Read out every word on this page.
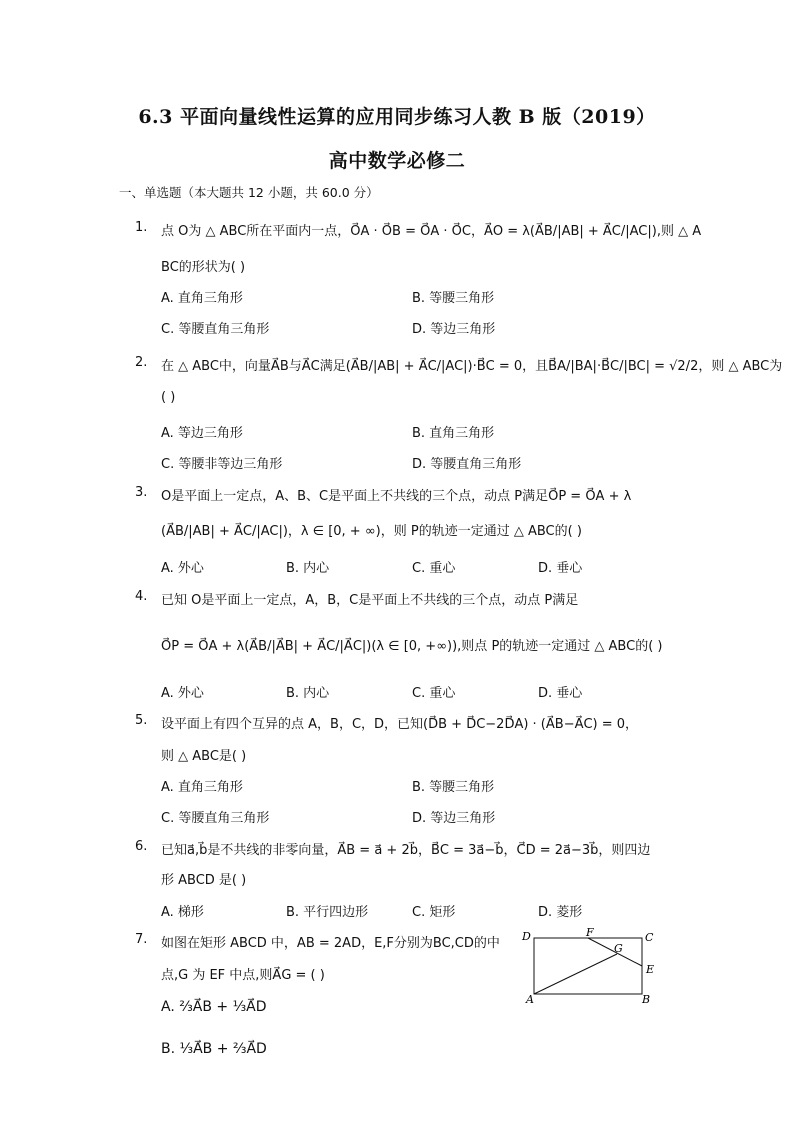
6.3 平面向量线性运算的应用同步练习人教 B 版（2019）
高中数学必修二
一、单选题（本大题共 12 小题，共 60.0 分）
1. 点 O为 △ ABC所在平面内一点，O⃗A · O⃗B = O⃗A · O⃗C，A⃗O = λ(A⃗B/|AB| + A⃗C/|AC|),则 △ A
BC的形状为( )
A. 直角三角形	B. 等腰三角形
C. 等腰直角三角形	D. 等边三角形
2. 在 △ ABC中，向量A⃗B与A⃗C满足(A⃗B/|AB| + A⃗C/|AC|)·B⃗C = 0，且B⃗A/|BA|·B⃗C/|BC| = √2/2，则 △ ABC为
( )
A. 等边三角形	B. 直角三角形
C. 等腰非等边三角形	D. 等腰直角三角形
3. O是平面上一定点，A、B、C是平面上不共线的三个点，动点 P满足O⃗P = O⃗A + λ
(A⃗B/|AB| + A⃗C/|AC|)，λ ∈ [0, + ∞)，则 P的轨迹一定通过 △ ABC的( )
A. 外心	B. 内心	C. 重心	D. 垂心
4. 已知 O是平面上一定点，A，B，C是平面上不共线的三个点，动点 P满足
O⃗P = O⃗A + λ(A⃗B/|A⃗B| + A⃗C/|A⃗C|)(λ ∈ [0, +∞)),则点 P的轨迹一定通过 △ ABC的( )
A. 外心	B. 内心	C. 重心	D. 垂心
5. 设平面上有四个互异的点 A，B，C，D，已知(D⃗B + D⃗C−2D⃗A) · (A⃗B−A⃗C) = 0，
则 △ ABC是( )
A. 直角三角形	B. 等腰三角形
C. 等腰直角三角形	D. 等边三角形
6. 已知a⃗,b⃗是不共线的非零向量，A⃗B = a⃗ + 2b⃗，B⃗C = 3a⃗−b⃗，C⃗D = 2a⃗−3b⃗，则四边
形 ABCD 是( )
A. 梯形	B. 平行四边形	C. 矩形	D. 菱形
7. 如图在矩形 ABCD 中，AB = 2AD，E,F分别为BC,CD的中
点,G 为 EF 中点,则A⃗G = ( )
A. ⅔A⃗B + ⅓A⃗D
B. ⅓A⃗B + ⅔A⃗D
D	F
G
C
E
A	B
